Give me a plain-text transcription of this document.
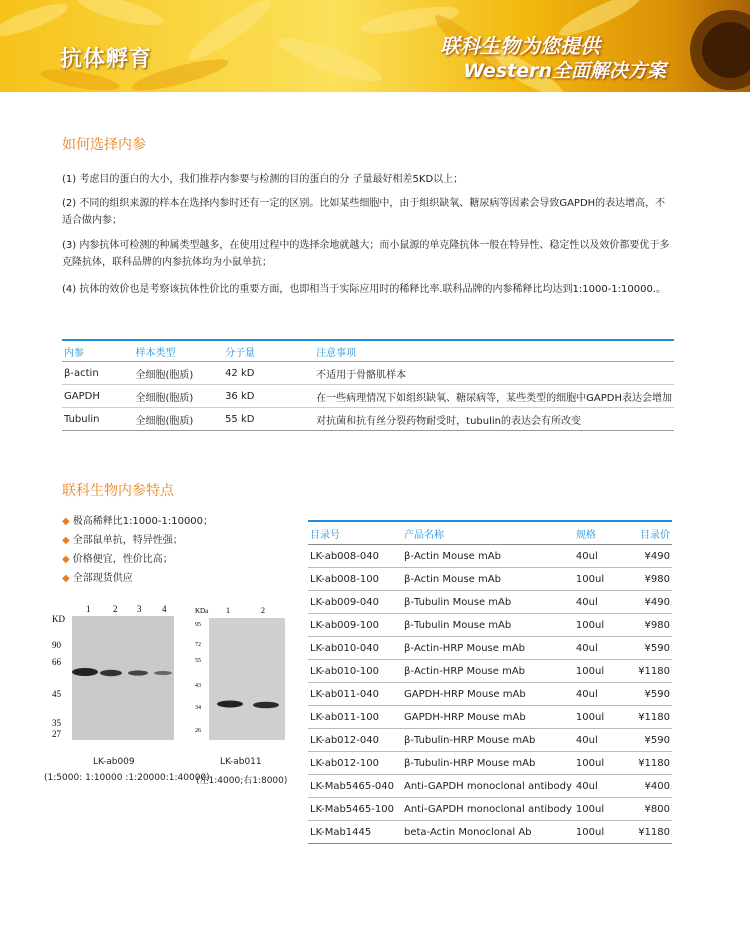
抗体孵育
联科生物为您提供
Western全面解决方案
如何选择内参
(1) 考虑目的蛋白的大小，我们推荐内参要与检测的目的蛋白的分 子量最好相差5KD以上；
(2) 不同的组织来源的样本在选择内参时还有一定的区别。比如某些细胞中，由于组织缺氧、糖尿病等因素会导致GAPDH的表达增高，不适合做内参；
(3) 内参抗体可检测的种属类型越多，在使用过程中的选择余地就越大；而小鼠源的单克隆抗体一般在特异性、稳定性以及效价都要优于多克隆抗体，联科品牌的内参抗体均为小鼠单抗；
(4) 抗体的效价也是考察该抗体性价比的重要方面，也即相当于实际应用时的稀释比率.联科品牌的内参稀释比均达到1:1000-1:10000.。
内参	样本类型	分子量	注意事项
β-actin	全细胞(胞质)	42 kD	不适用于骨骼肌样本
GAPDH	全细胞(胞质)	36 kD	在一些病理情况下如组织缺氧、糖尿病等，某些类型的细胞中GAPDH表达会增加
Tubulin	全细胞(胞质)	55 kD	对抗菌和抗有丝分裂药物耐受时，tubulin的表达会有所改变
联科生物内参特点
◆ 极高稀释比1:1000-1:10000；
◆ 全部鼠单抗，特异性强；
◆ 价格便宜，性价比高；
◆ 全部现货供应
KD
1	2 3 4
90
66
45
35
27
LK-ab009
(1:5000: 1:10000 :1:20000:1:40000)
KDa 1	2
95
72
55
43
34
26
LK-ab011
(左1:4000;右1:8000)
目录号	产品名称	规格	目录价
LK-ab008-040	β-Actin Mouse mAb	40ul	¥490
LK-ab008-100	β-Actin Mouse mAb	100ul	¥980
LK-ab009-040	β-Tubulin Mouse mAb	40ul	¥490
LK-ab009-100	β-Tubulin Mouse mAb	100ul	¥980
LK-ab010-040	β-Actin-HRP Mouse mAb	40ul	¥590
LK-ab010-100	β-Actin-HRP Mouse mAb	100ul	¥1180
LK-ab011-040	GAPDH-HRP Mouse mAb	40ul	¥590
LK-ab011-100	GAPDH-HRP Mouse mAb	100ul	¥1180
LK-ab012-040	β-Tubulin-HRP Mouse mAb	40ul	¥590
LK-ab012-100	β-Tubulin-HRP Mouse mAb	100ul	¥1180
LK-Mab5465-040	Anti-GAPDH monoclonal antibody	40ul	¥400
LK-Mab5465-100	Anti-GAPDH monoclonal antibody	100ul	¥800
LK-Mab1445	beta-Actin Monoclonal Ab	100ul	¥1180
